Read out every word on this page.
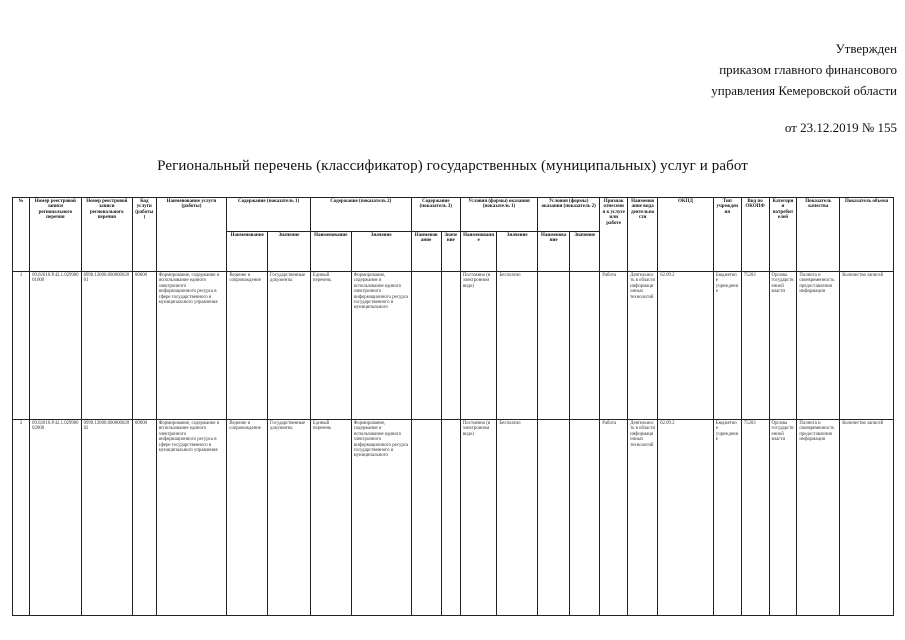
Утвержден
приказом главного финансового
управления Кемеровской области
от 23.12.2019 № 155
Региональный перечень (классификатор) государственных (муниципальных) услуг и работ
№	Номер реестровой записи регионального перечня	Номер реестровой записи регионального перечня	Код услуги (работы)	Наименование услуги (работы)	Содержание (показатель 1)		Содержание (показатель 2)		Содержание (показатель 3)		Условия (формы) оказания (показатель 1)		Условия (формы) оказания (показатель 2)		Признак отнесения к услуге или работе	Наименование вида деятельности	ОКПД	Тип учреждения	Вид по ОКОПФ	Категории потребителей	Показатель качества	Показатель объема
					Наименование	Значение	Наименование	Значение	Наименование	Значение	Наименование	Значение	Наименование	Значение								
1	09.02010.Р.42.1.02990001000	0990.12000.00000002001	00000	Формирование, содержание и использование единого электронного информационного ресурса в сфере государственного и муниципального управления	Ведение и сопровождение	Государственные документы	Единый перечень	Формирование, содержание и использование единого электронного информационного ресурса государственного и муниципального			Постоянно (в электронном виде)	Бесплатно			Работа	Деятельность в области информационных технологий	62.09.2	Бюджетное учреждение	75203	Органы государственной власти	Полнота и своевременность предоставления информации	Количество записей
2	09.02010.Р.42.1.02990002000	0990.12000.00000002002	00000	Формирование, содержание и использование единого электронного информационного ресурса в сфере государственного и муниципального управления	Ведение и сопровождение	Государственные документы	Единый перечень	Формирование, содержание и использование единого электронного информационного ресурса государственного и муниципального			Постоянно (в электронном виде)	Бесплатно			Работа	Деятельность в области информационных технологий	62.09.2	Бюджетное учреждение	75203	Органы государственной власти	Полнота и своевременность предоставления информации	Количество записей
